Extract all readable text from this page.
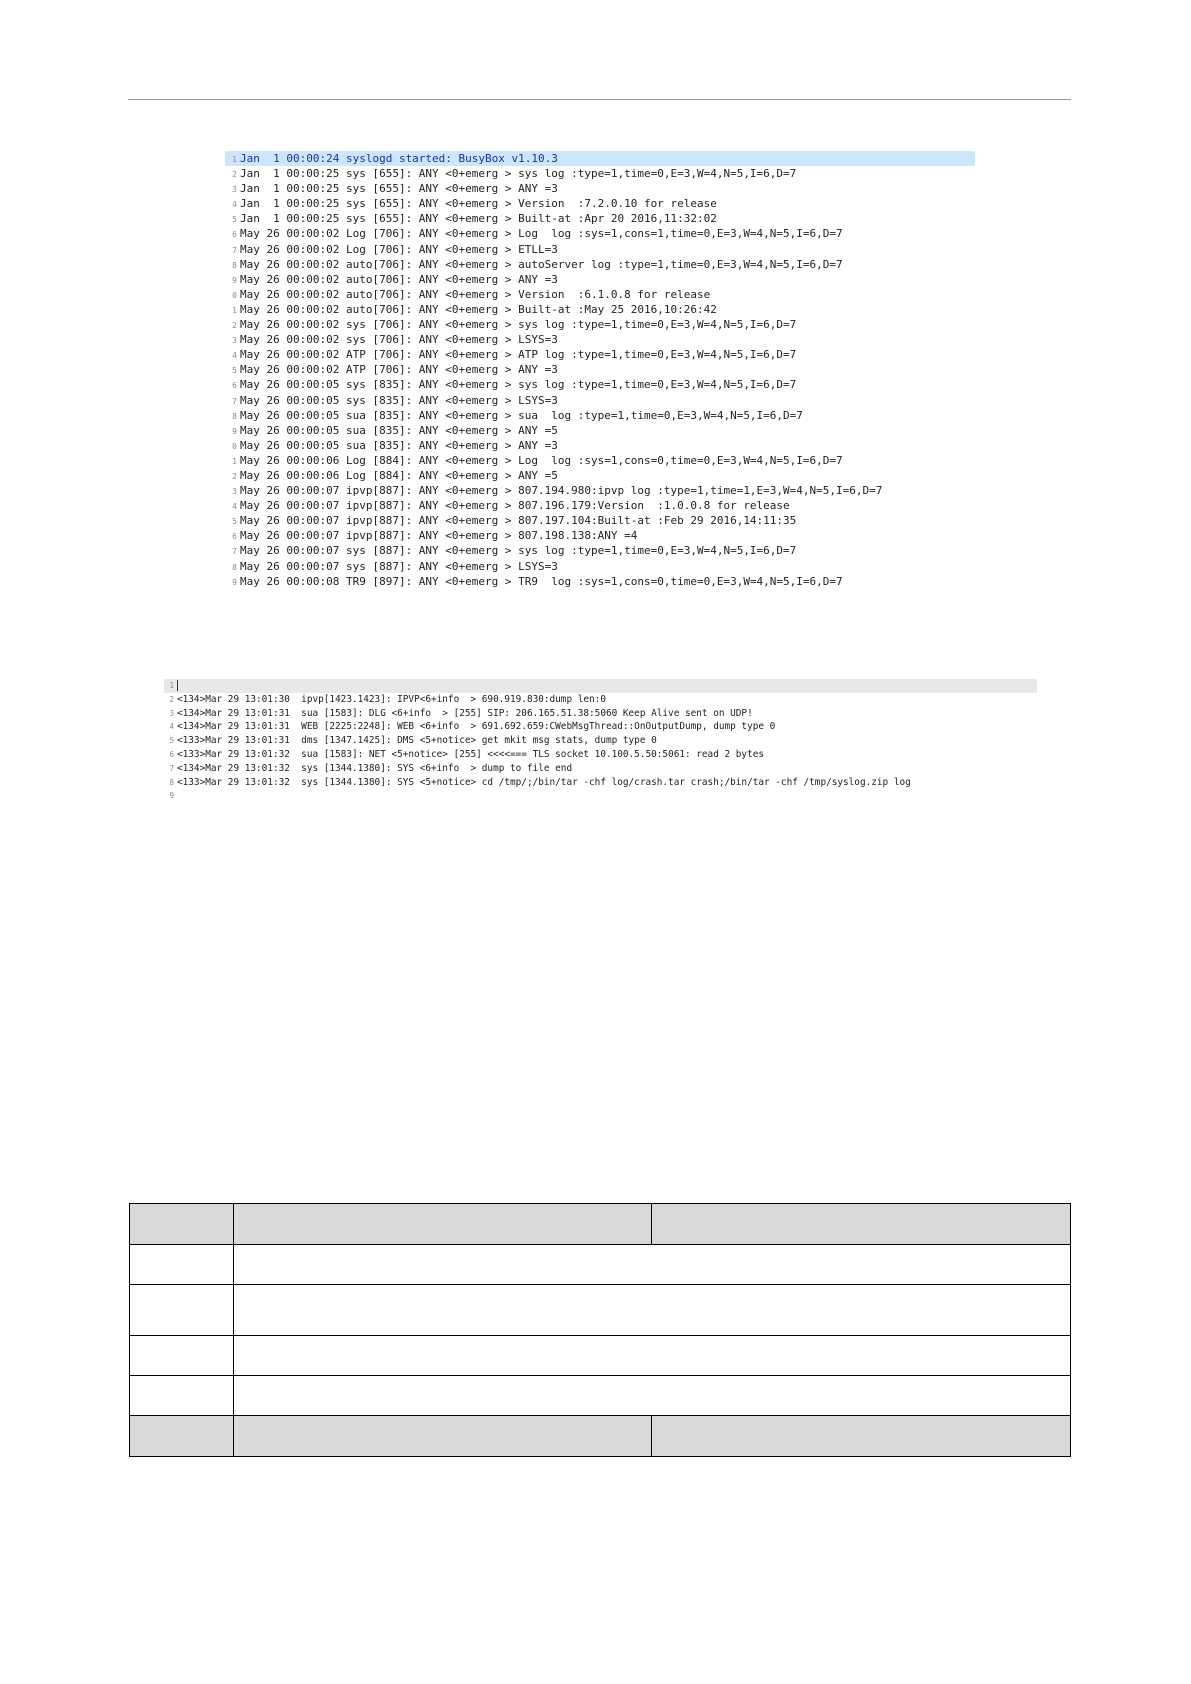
1 Jan  1 00:00:24 syslogd started: BusyBox v1.10.3
2 Jan  1 00:00:25 sys [655]: ANY <0+emerg > sys log :type=1,time=0,E=3,W=4,N=5,I=6,D=7
3 Jan  1 00:00:25 sys [655]: ANY <0+emerg > ANY =3
4 Jan  1 00:00:25 sys [655]: ANY <0+emerg > Version  :7.2.0.10 for release
5 Jan  1 00:00:25 sys [655]: ANY <0+emerg > Built-at :Apr 20 2016,11:32:02
6 May 26 00:00:02 Log [706]: ANY <0+emerg > Log  log :sys=1,cons=1,time=0,E=3,W=4,N=5,I=6,D=7
7 May 26 00:00:02 Log [706]: ANY <0+emerg > ETLL=3
8 May 26 00:00:02 auto[706]: ANY <0+emerg > autoServer log :type=1,time=0,E=3,W=4,N=5,I=6,D=7
9 May 26 00:00:02 auto[706]: ANY <0+emerg > ANY =3
0 May 26 00:00:02 auto[706]: ANY <0+emerg > Version  :6.1.0.8 for release
1 May 26 00:00:02 auto[706]: ANY <0+emerg > Built-at :May 25 2016,10:26:42
2 May 26 00:00:02 sys [706]: ANY <0+emerg > sys log :type=1,time=0,E=3,W=4,N=5,I=6,D=7
3 May 26 00:00:02 sys [706]: ANY <0+emerg > LSYS=3
4 May 26 00:00:02 ATP [706]: ANY <0+emerg > ATP log :type=1,time=0,E=3,W=4,N=5,I=6,D=7
5 May 26 00:00:02 ATP [706]: ANY <0+emerg > ANY =3
6 May 26 00:00:05 sys [835]: ANY <0+emerg > sys log :type=1,time=0,E=3,W=4,N=5,I=6,D=7
7 May 26 00:00:05 sys [835]: ANY <0+emerg > LSYS=3
8 May 26 00:00:05 sua [835]: ANY <0+emerg > sua  log :type=1,time=0,E=3,W=4,N=5,I=6,D=7
9 May 26 00:00:05 sua [835]: ANY <0+emerg > ANY =5
0 May 26 00:00:05 sua [835]: ANY <0+emerg > ANY =3
1 May 26 00:00:06 Log [884]: ANY <0+emerg > Log  log :sys=1,cons=0,time=0,E=3,W=4,N=5,I=6,D=7
2 May 26 00:00:06 Log [884]: ANY <0+emerg > ANY =5
3 May 26 00:00:07 ipvp[887]: ANY <0+emerg > 807.194.980:ipvp log :type=1,time=1,E=3,W=4,N=5,I=6,D=7
4 May 26 00:00:07 ipvp[887]: ANY <0+emerg > 807.196.179:Version  :1.0.0.8 for release
5 May 26 00:00:07 ipvp[887]: ANY <0+emerg > 807.197.104:Built-at :Feb 29 2016,14:11:35
6 May 26 00:00:07 ipvp[887]: ANY <0+emerg > 807.198.138:ANY =4
7 May 26 00:00:07 sys [887]: ANY <0+emerg > sys log :type=1,time=0,E=3,W=4,N=5,I=6,D=7
8 May 26 00:00:07 sys [887]: ANY <0+emerg > LSYS=3
9 May 26 00:00:08 TR9 [897]: ANY <0+emerg > TR9  log :sys=1,cons=0,time=0,E=3,W=4,N=5,I=6,D=7
1
2 <134>Mar 29 13:01:30  ipvp[1423.1423]: IPVP<6+info  > 690.919.830:dump len:0
3 <134>Mar 29 13:01:31  sua [1583]: DLG <6+info  > [255] SIP: 206.165.51.38:5060 Keep Alive sent on UDP!
4 <134>Mar 29 13:01:31  WEB [2225:2248]: WEB <6+info  > 691.692.659:CWebMsgThread::OnOutputDump, dump type 0
5 <133>Mar 29 13:01:31  dms [1347.1425]: DMS <5+notice> get mkit msg stats, dump type 0
6 <133>Mar 29 13:01:32  sua [1583]: NET <5+notice> [255] <<<<=== TLS socket 10.100.5.50:5061: read 2 bytes
7 <134>Mar 29 13:01:32  sys [1344.1380]: SYS <6+info  > dump to file end
8 <133>Mar 29 13:01:32  sys [1344.1380]: SYS <5+notice> cd /tmp/;/bin/tar -chf log/crash.tar crash;/bin/tar -chf /tmp/syslog.zip log
9
